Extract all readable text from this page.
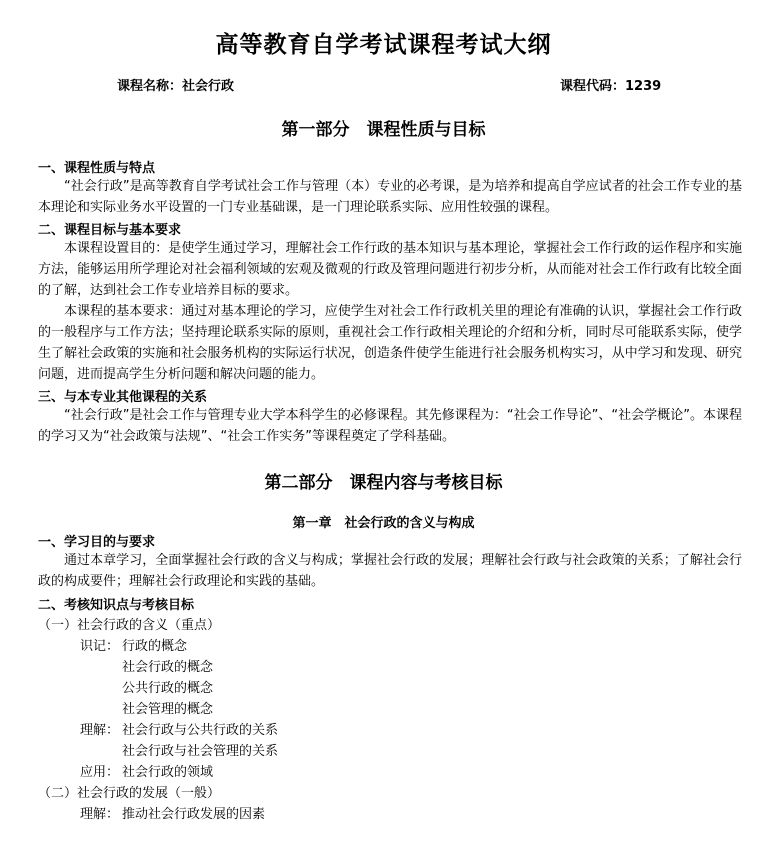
高等教育自学考试课程考试大纲
课程名称：社会行政	课程代码：1239
第一部分　课程性质与目标
一、课程性质与特点
“社会行政”是高等教育自学考试社会工作与管理（本）专业的必考课，是为培养和提高自学应试者的社会工作专业的基本理论和实际业务水平设置的一门专业基础课，是一门理论联系实际、应用性较强的课程。
二、课程目标与基本要求
本课程设置目的：是使学生通过学习，理解社会工作行政的基本知识与基本理论，掌握社会工作行政的运作程序和实施方法，能够运用所学理论对社会福利领域的宏观及微观的行政及管理问题进行初步分析，从而能对社会工作行政有比较全面的了解，达到社会工作专业培养目标的要求。
本课程的基本要求：通过对基本理论的学习，应使学生对社会工作行政机关里的理论有准确的认识，掌握社会工作行政的一般程序与工作方法；坚持理论联系实际的原则，重视社会工作行政相关理论的介绍和分析，同时尽可能联系实际，使学生了解社会政策的实施和社会服务机构的实际运行状况，创造条件使学生能进行社会服务机构实习，从中学习和发现、研究问题，进而提高学生分析问题和解决问题的能力。
三、与本专业其他课程的关系
“社会行政”是社会工作与管理专业大学本科学生的必修课程。其先修课程为：“社会工作导论”、“社会学概论”。本课程的学习又为“社会政策与法规”、“社会工作实务”等课程奠定了学科基础。
第二部分　课程内容与考核目标
第一章　社会行政的含义与构成
一、学习目的与要求
通过本章学习，全面掌握社会行政的含义与构成；掌握社会行政的发展；理解社会行政与社会政策的关系；了解社会行政的构成要件；理解社会行政理论和实践的基础。
二、考核知识点与考核目标
（一）社会行政的含义（重点）
识记： 行政的概念
社会行政的概念
公共行政的概念
社会管理的概念
理解： 社会行政与公共行政的关系
社会行政与社会管理的关系
应用： 社会行政的领域
（二）社会行政的发展（一般）
理解： 推动社会行政发展的因素
